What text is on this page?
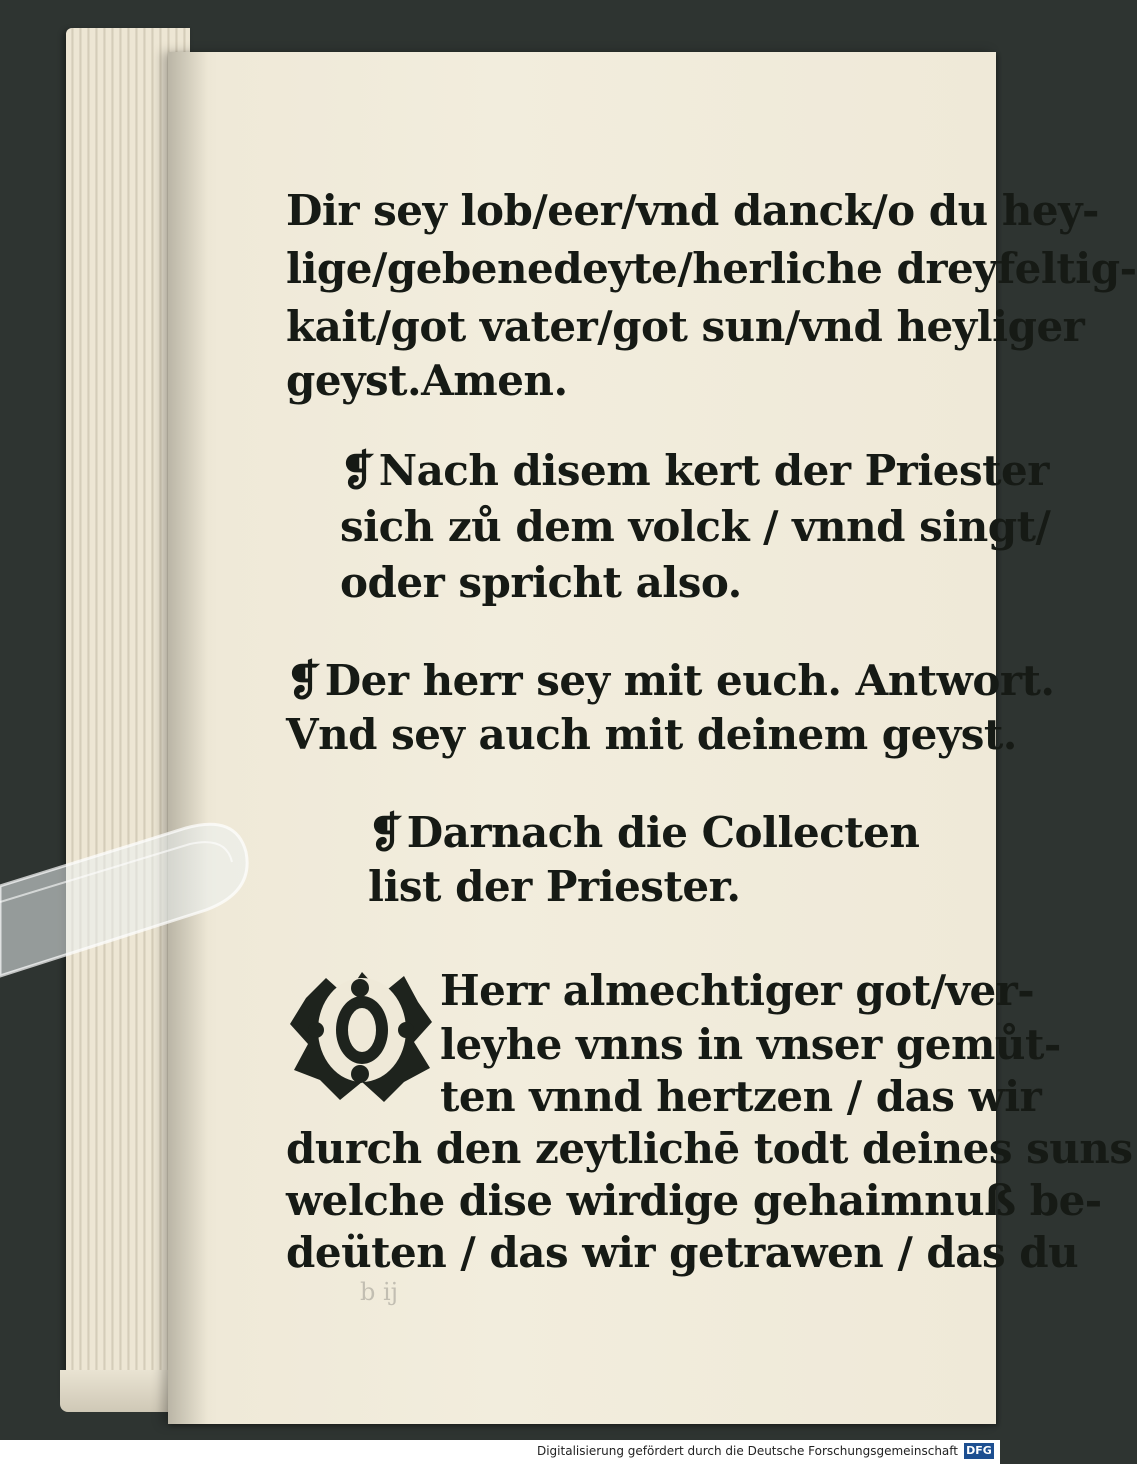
Dir sey lob/eer/vnd danck/o du hey-

lige/gebenedeyte/herliche dreyfeltig-

kait/got vater/got sun/vnd heyliger

geyst.Amen.

❡Nach disem kert der Priester

sich zů dem volck / vnnd singt/

oder spricht also.

❡Der herr sey mit euch. Antwort.

Vnd sey auch mit deinem geyst.

❡Darnach die Collecten

list der Priester.

Herr almechtiger got/ver-

leyhe vnns in vnser gemůt-

ten vnnd hertzen / das wir

durch den zeytlichē todt deines suns

welche dise wirdige gehaimnuß be-

deüten / das wir getrawen / das du

b ij
Digitalisierung gefördert durch die Deutsche Forschungsgemeinschaft DFG
